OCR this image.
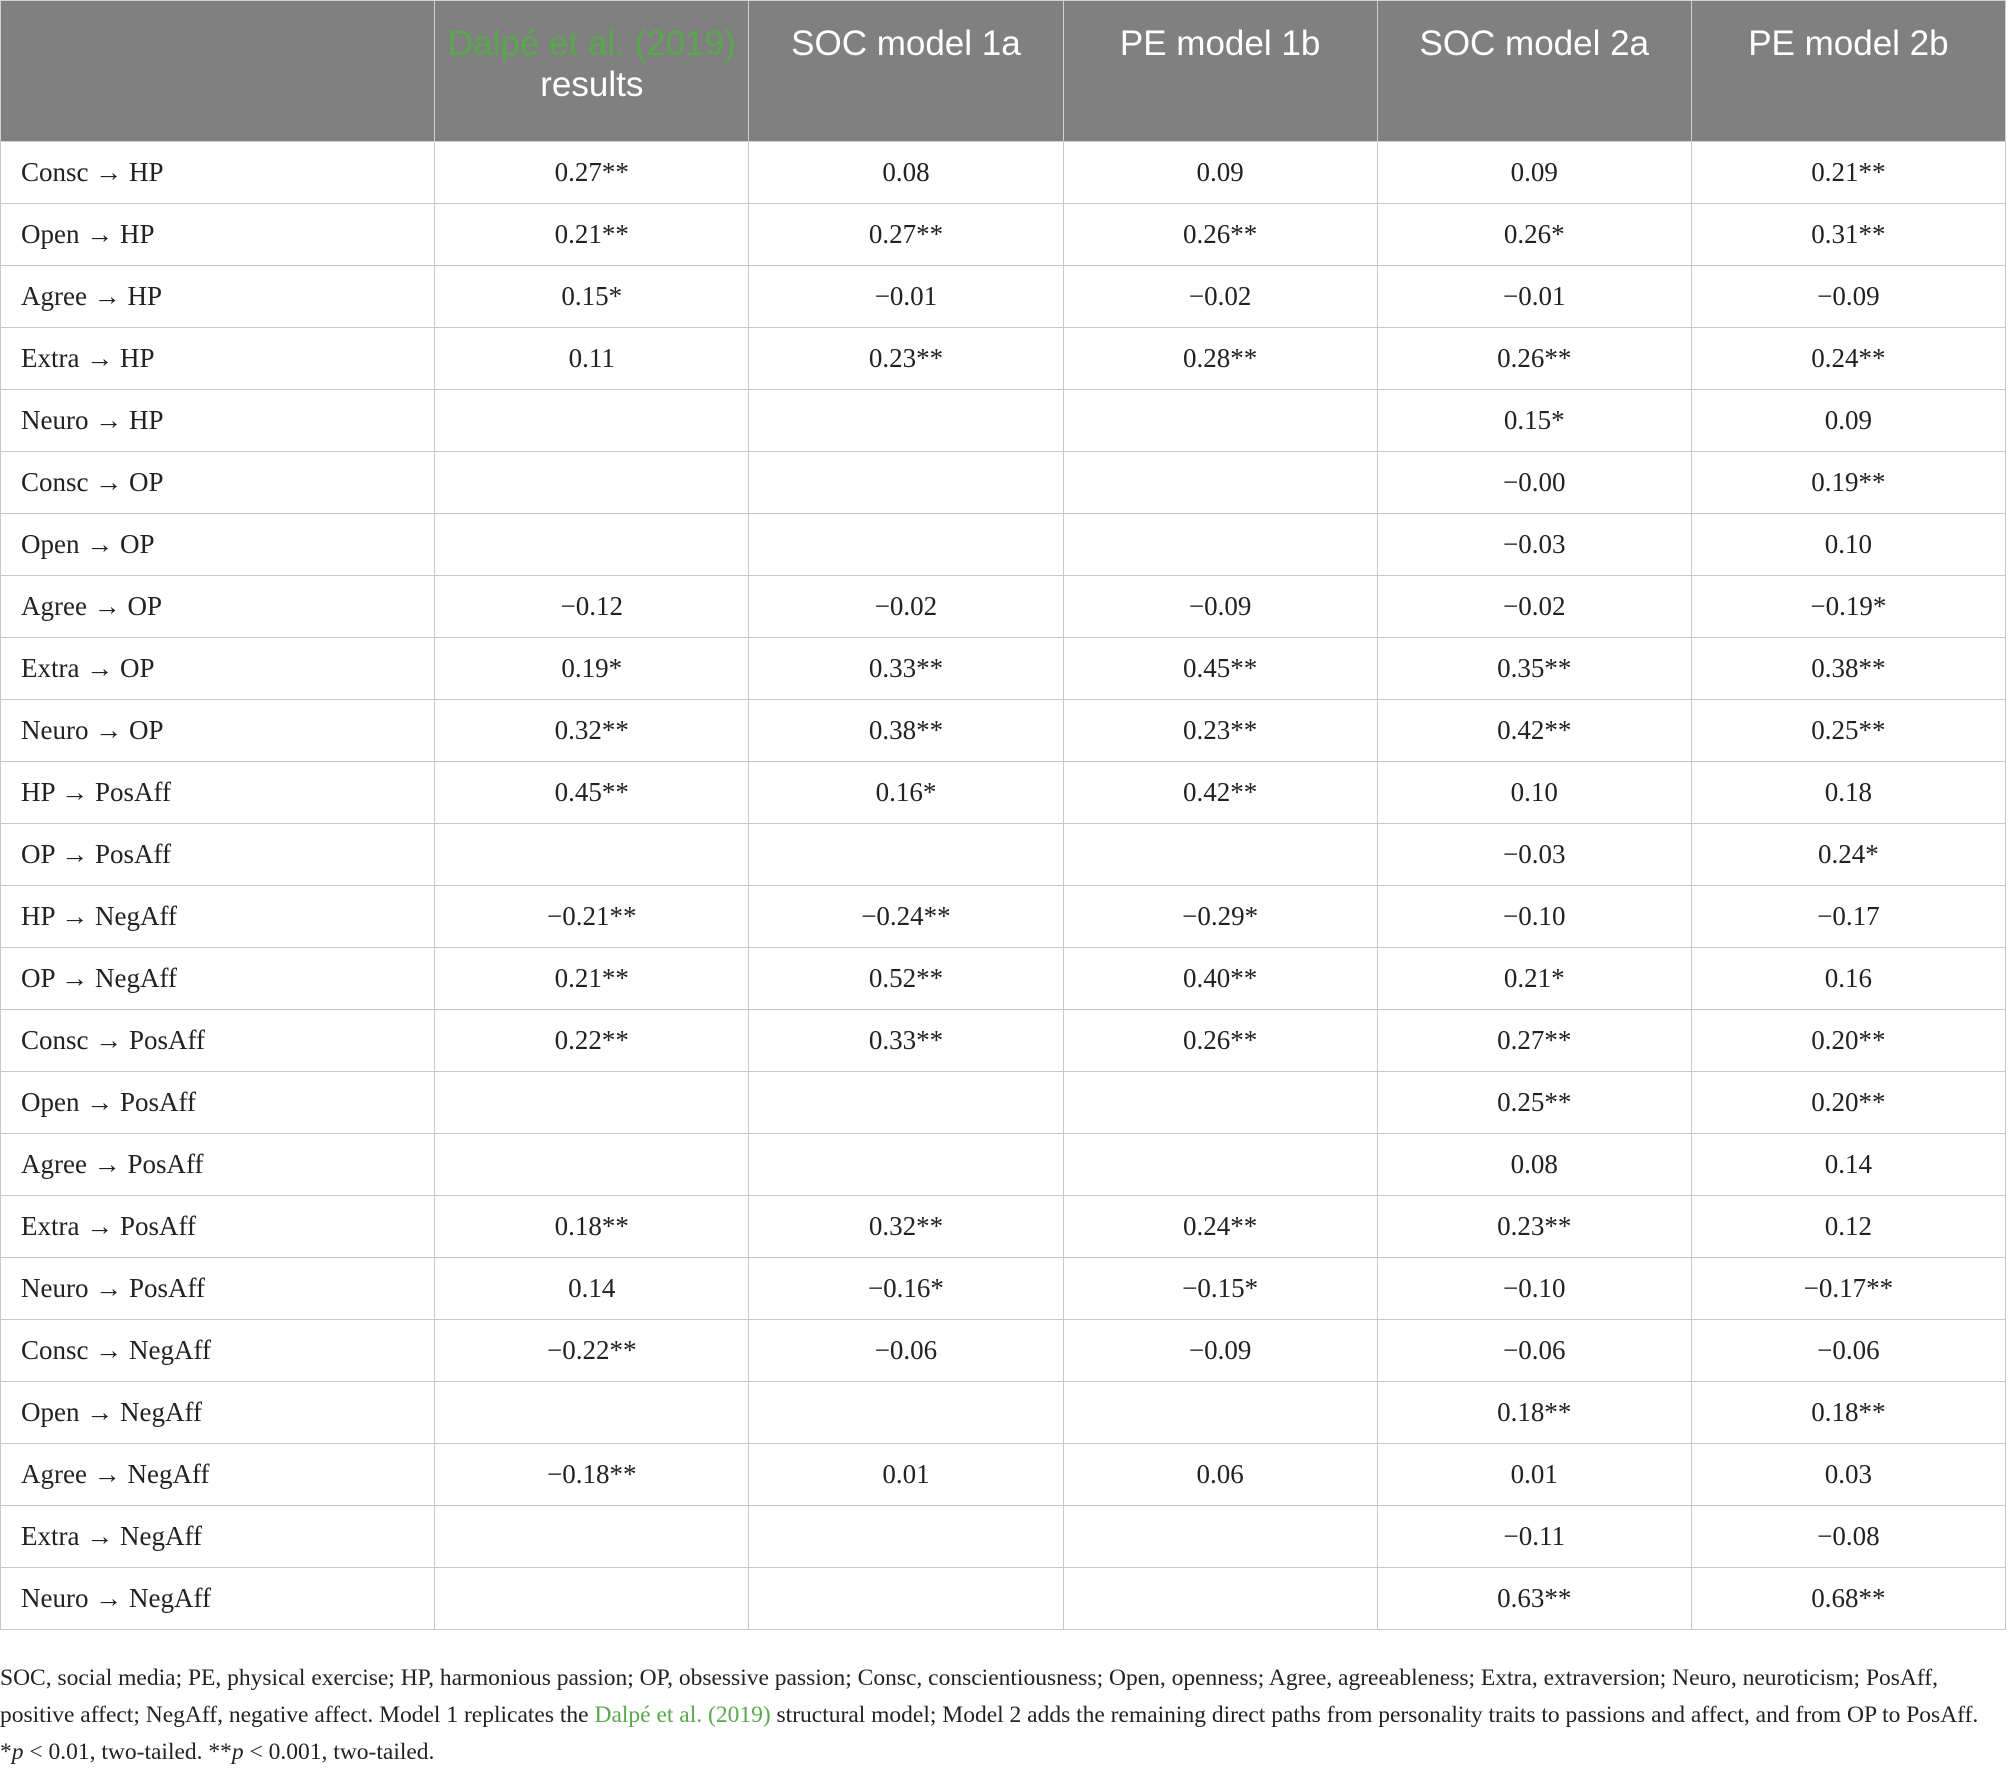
	Dalpé et al. (2019) results	SOC model 1a	PE model 1b	SOC model 2a	PE model 2b
Consc → HP	0.27**	0.08	0.09	0.09	0.21**
Open → HP	0.21**	0.27**	0.26**	0.26*	0.31**
Agree → HP	0.15*	−0.01	−0.02	−0.01	−0.09
Extra → HP	0.11	0.23**	0.28**	0.26**	0.24**
Neuro → HP				0.15*	0.09
Consc → OP				−0.00	0.19**
Open → OP				−0.03	0.10
Agree → OP	−0.12	−0.02	−0.09	−0.02	−0.19*
Extra → OP	0.19*	0.33**	0.45**	0.35**	0.38**
Neuro → OP	0.32**	0.38**	0.23**	0.42**	0.25**
HP → PosAff	0.45**	0.16*	0.42**	0.10	0.18
OP → PosAff				−0.03	0.24*
HP → NegAff	−0.21**	−0.24**	−0.29*	−0.10	−0.17
OP → NegAff	0.21**	0.52**	0.40**	0.21*	0.16
Consc → PosAff	0.22**	0.33**	0.26**	0.27**	0.20**
Open → PosAff				0.25**	0.20**
Agree → PosAff				0.08	0.14
Extra → PosAff	0.18**	0.32**	0.24**	0.23**	0.12
Neuro → PosAff	0.14	−0.16*	−0.15*	−0.10	−0.17**
Consc → NegAff	−0.22**	−0.06	−0.09	−0.06	−0.06
Open → NegAff				0.18**	0.18**
Agree → NegAff	−0.18**	0.01	0.06	0.01	0.03
Extra → NegAff				−0.11	−0.08
Neuro → NegAff				0.63**	0.68**
SOC, social media; PE, physical exercise; HP, harmonious passion; OP, obsessive passion; Consc, conscientiousness; Open, openness; Agree, agreeableness; Extra, extraversion; Neuro, neuroticism; PosAff, positive affect; NegAff, negative affect. Model 1 replicates the Dalpé et al. (2019) structural model; Model 2 adds the remaining direct paths from personality traits to passions and affect, and from OP to PosAff. *p < 0.01, two-tailed. **p < 0.001, two-tailed.
